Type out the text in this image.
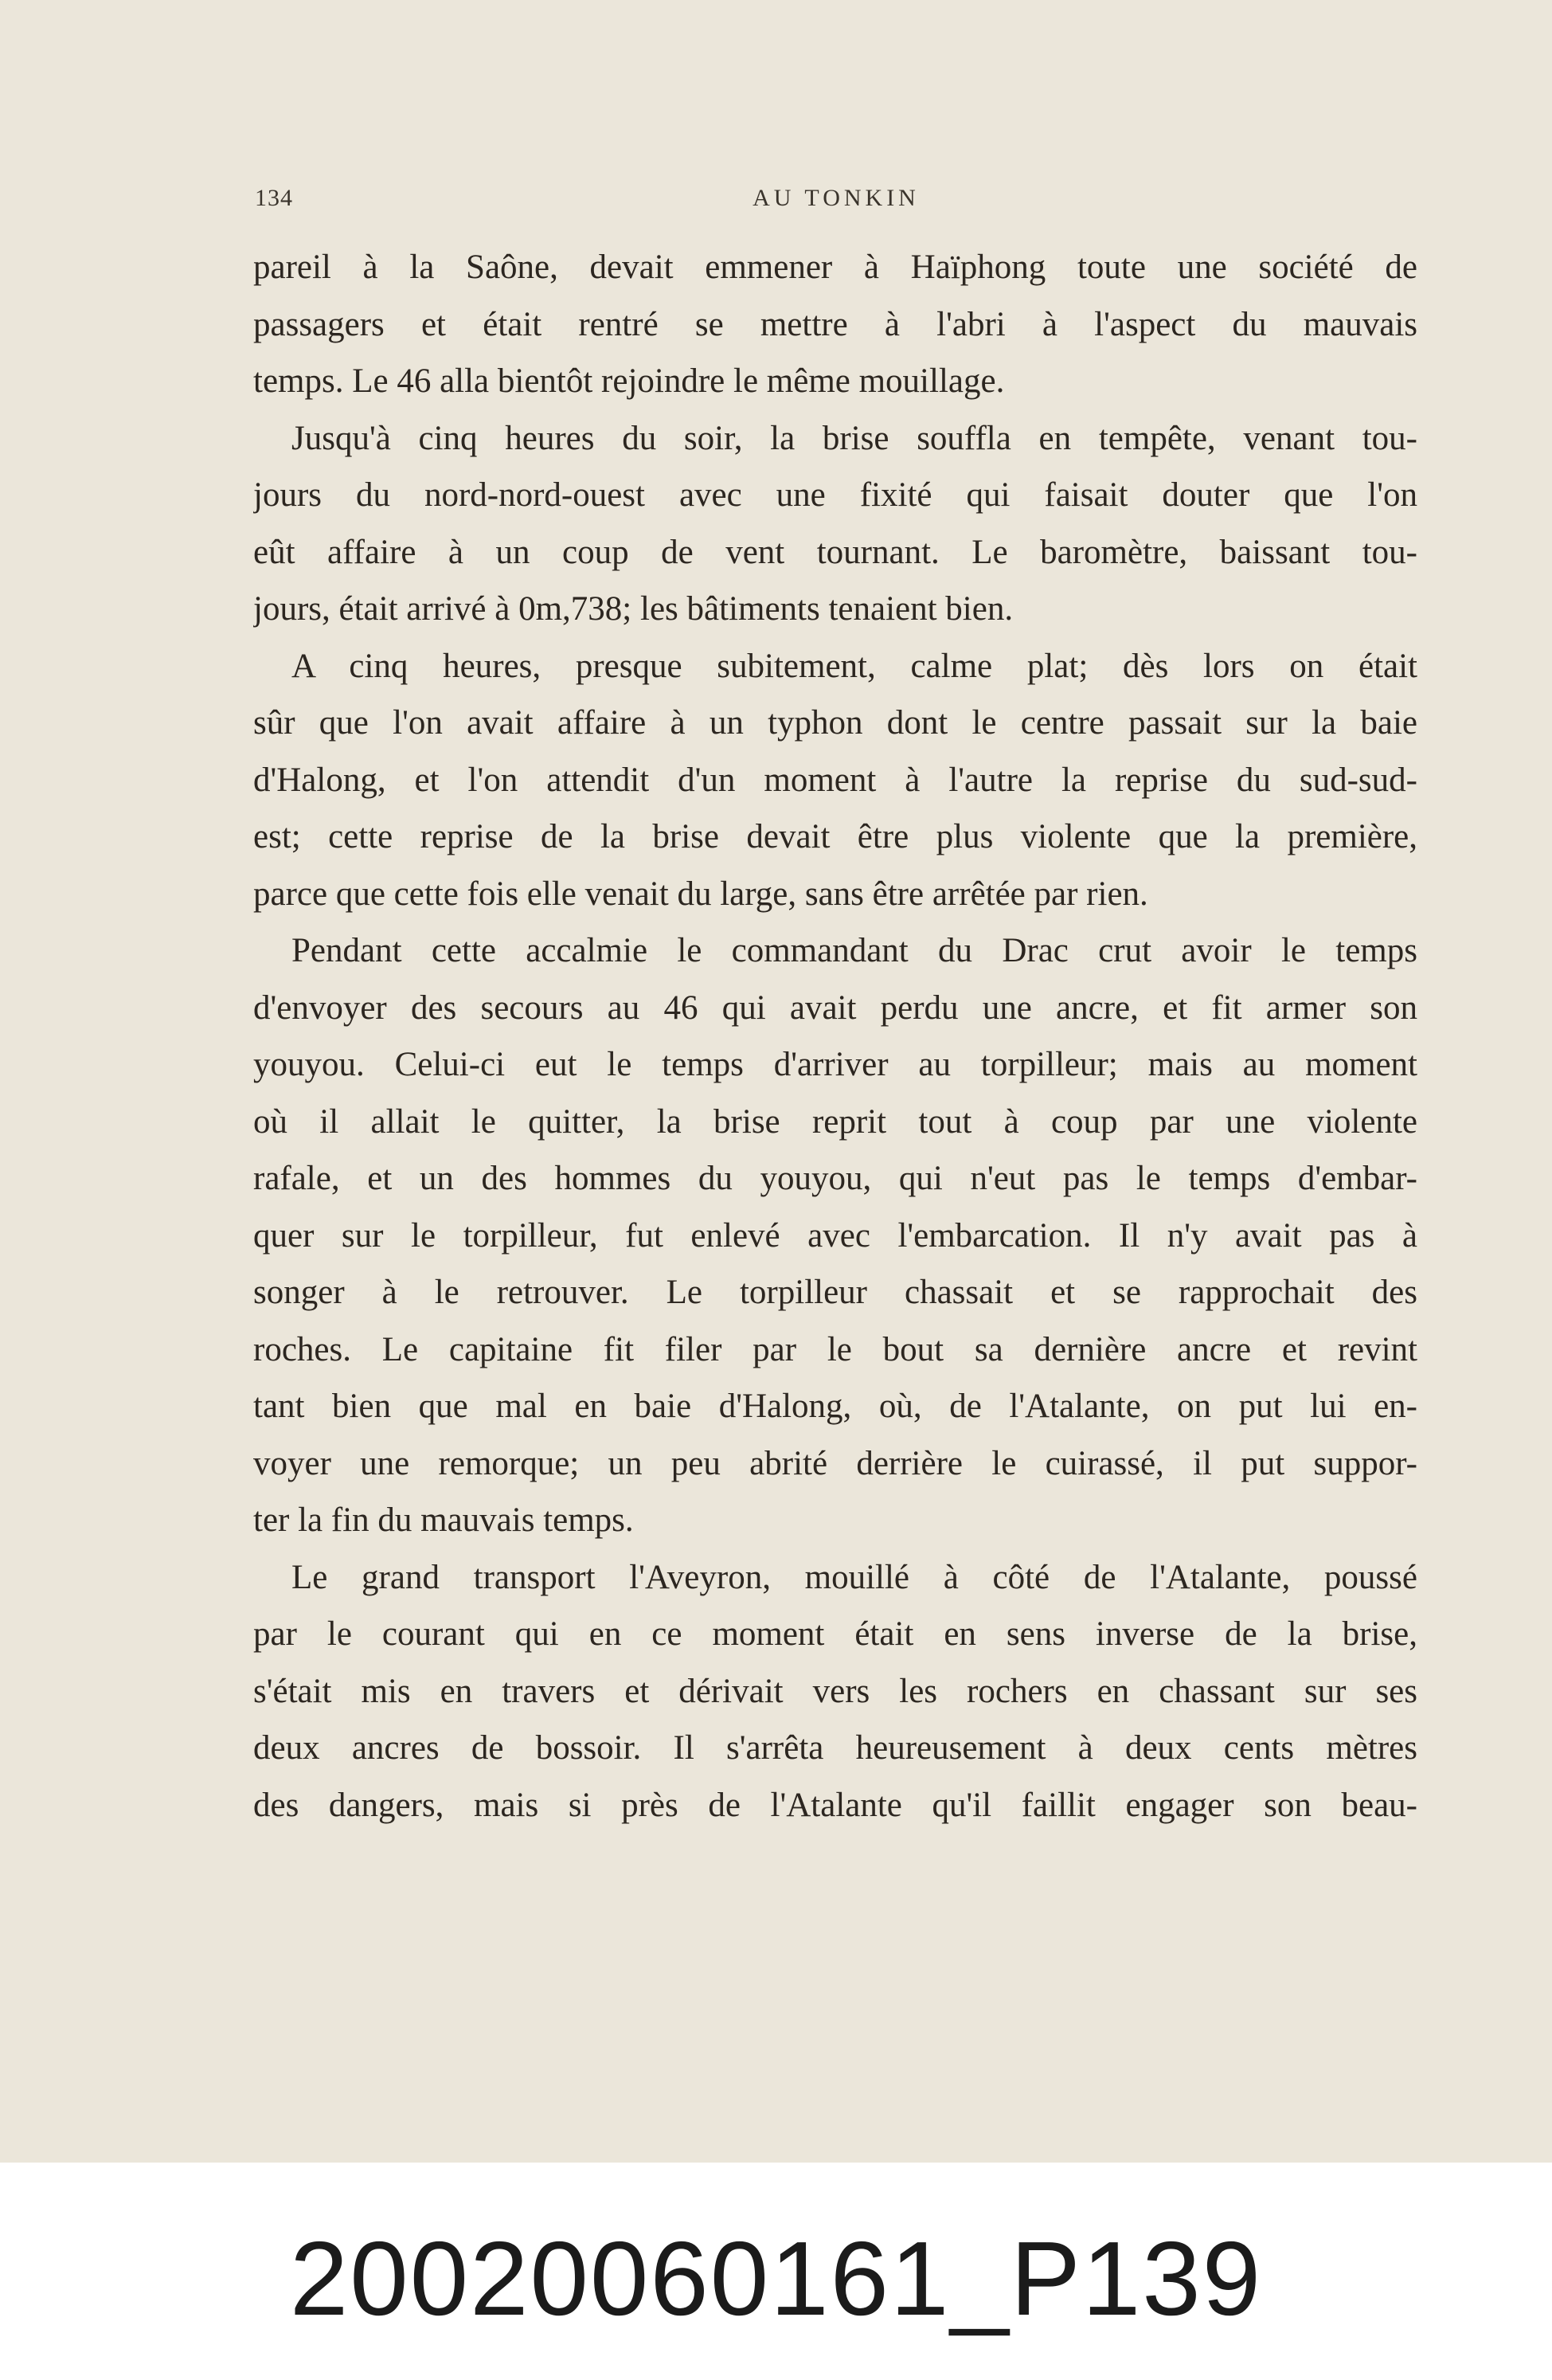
134	AU TONKIN

pareil à la Saône, devait emmener à Haïphong toute une société de
passagers et était rentré se mettre à l'abri à l'aspect du mauvais
temps. Le 46 alla bientôt rejoindre le même mouillage.

Jusqu'à cinq heures du soir, la brise souffla en tempête, venant tou-
jours du nord-nord-ouest avec une fixité qui faisait douter que l'on
eût affaire à un coup de vent tournant. Le baromètre, baissant tou-
jours, était arrivé à 0m,738; les bâtiments tenaient bien.

A cinq heures, presque subitement, calme plat; dès lors on était
sûr que l'on avait affaire à un typhon dont le centre passait sur la baie
d'Halong, et l'on attendit d'un moment à l'autre la reprise du sud-sud-
est; cette reprise de la brise devait être plus violente que la première,
parce que cette fois elle venait du large, sans être arrêtée par rien.

Pendant cette accalmie le commandant du Drac crut avoir le temps
d'envoyer des secours au 46 qui avait perdu une ancre, et fit armer son
youyou. Celui-ci eut le temps d'arriver au torpilleur; mais au moment
où il allait le quitter, la brise reprit tout à coup par une violente
rafale, et un des hommes du youyou, qui n'eut pas le temps d'embar-
quer sur le torpilleur, fut enlevé avec l'embarcation. Il n'y avait pas à
songer à le retrouver. Le torpilleur chassait et se rapprochait des
roches. Le capitaine fit filer par le bout sa dernière ancre et revint
tant bien que mal en baie d'Halong, où, de l'Atalante, on put lui en-
voyer une remorque; un peu abrité derrière le cuirassé, il put suppor-
ter la fin du mauvais temps.

Le grand transport l'Aveyron, mouillé à côté de l'Atalante, poussé
par le courant qui en ce moment était en sens inverse de la brise,
s'était mis en travers et dérivait vers les rochers en chassant sur ses
deux ancres de bossoir. Il s'arrêta heureusement à deux cents mètres
des dangers, mais si près de l'Atalante qu'il faillit engager son beau-

20020060161_P139
